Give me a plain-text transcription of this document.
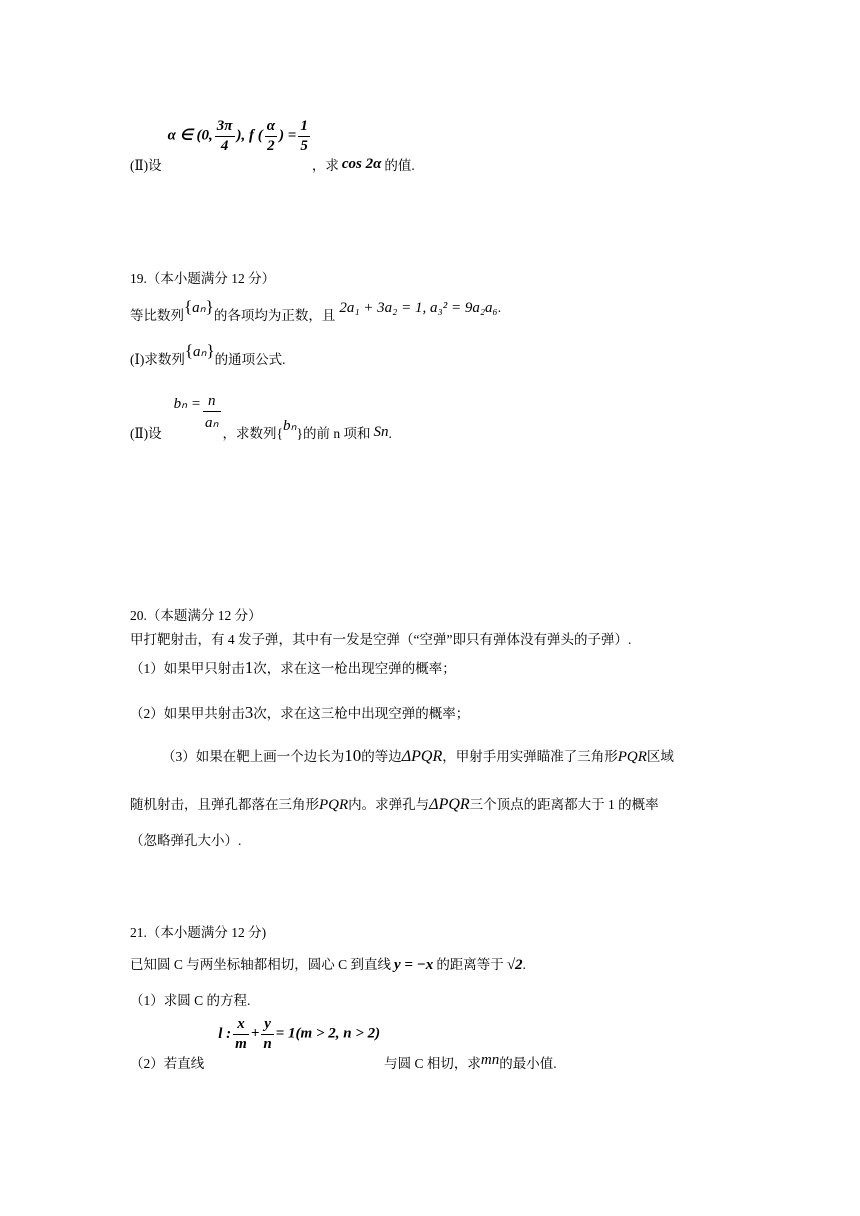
(Ⅱ)设α ∈ (0, $\frac{3\pi}{4}$ ), f ( $\frac{\alpha}{2}$ ) = $\frac{1}{5}$
，求 cos 2α 的值.
19.（本小题满分 12 分）
等比数列{aₙ}的各项均为正数，且 2a₁ + 3a₂ = 1, a₃² = 9a₂a₆.
(Ⅰ)求数列{aₙ}的通项公式.
(Ⅱ)设$b_n = \frac{n}{\text{aₙ}}$
，求数列{bₙ}的前 n 项和 Sn.
20.（本题满分 12 分）
甲打靶射击，有 4 发子弹，其中有一发是空弹（“空弹”即只有弹体没有弹头的子弹）.
（1）如果甲只射击1次，求在这一枪出现空弹的概率；
（2）如果甲共射击3次，求在这三枪中出现空弹的概率；
（3）如果在靶上画一个边长为10的等边ΔPQR，甲射手用实弹瞄准了三角形PQR区域
随机射击，且弹孔都落在三角形PQR内。求弹孔与ΔPQR三个顶点的距离都大于 1 的概率
（忽略弹孔大小）.
21.（本小题满分 12 分)
已知圆 C 与两坐标轴都相切，圆心 C 到直线 y = −x 的距离等于 √2.
（1）求圆 C 的方程.
（2）若直线l : $\frac{x}{m} + \frac{y}{n} = 1(m > 2$, n > 2)与圆 C 相切，求mn的最小值.
